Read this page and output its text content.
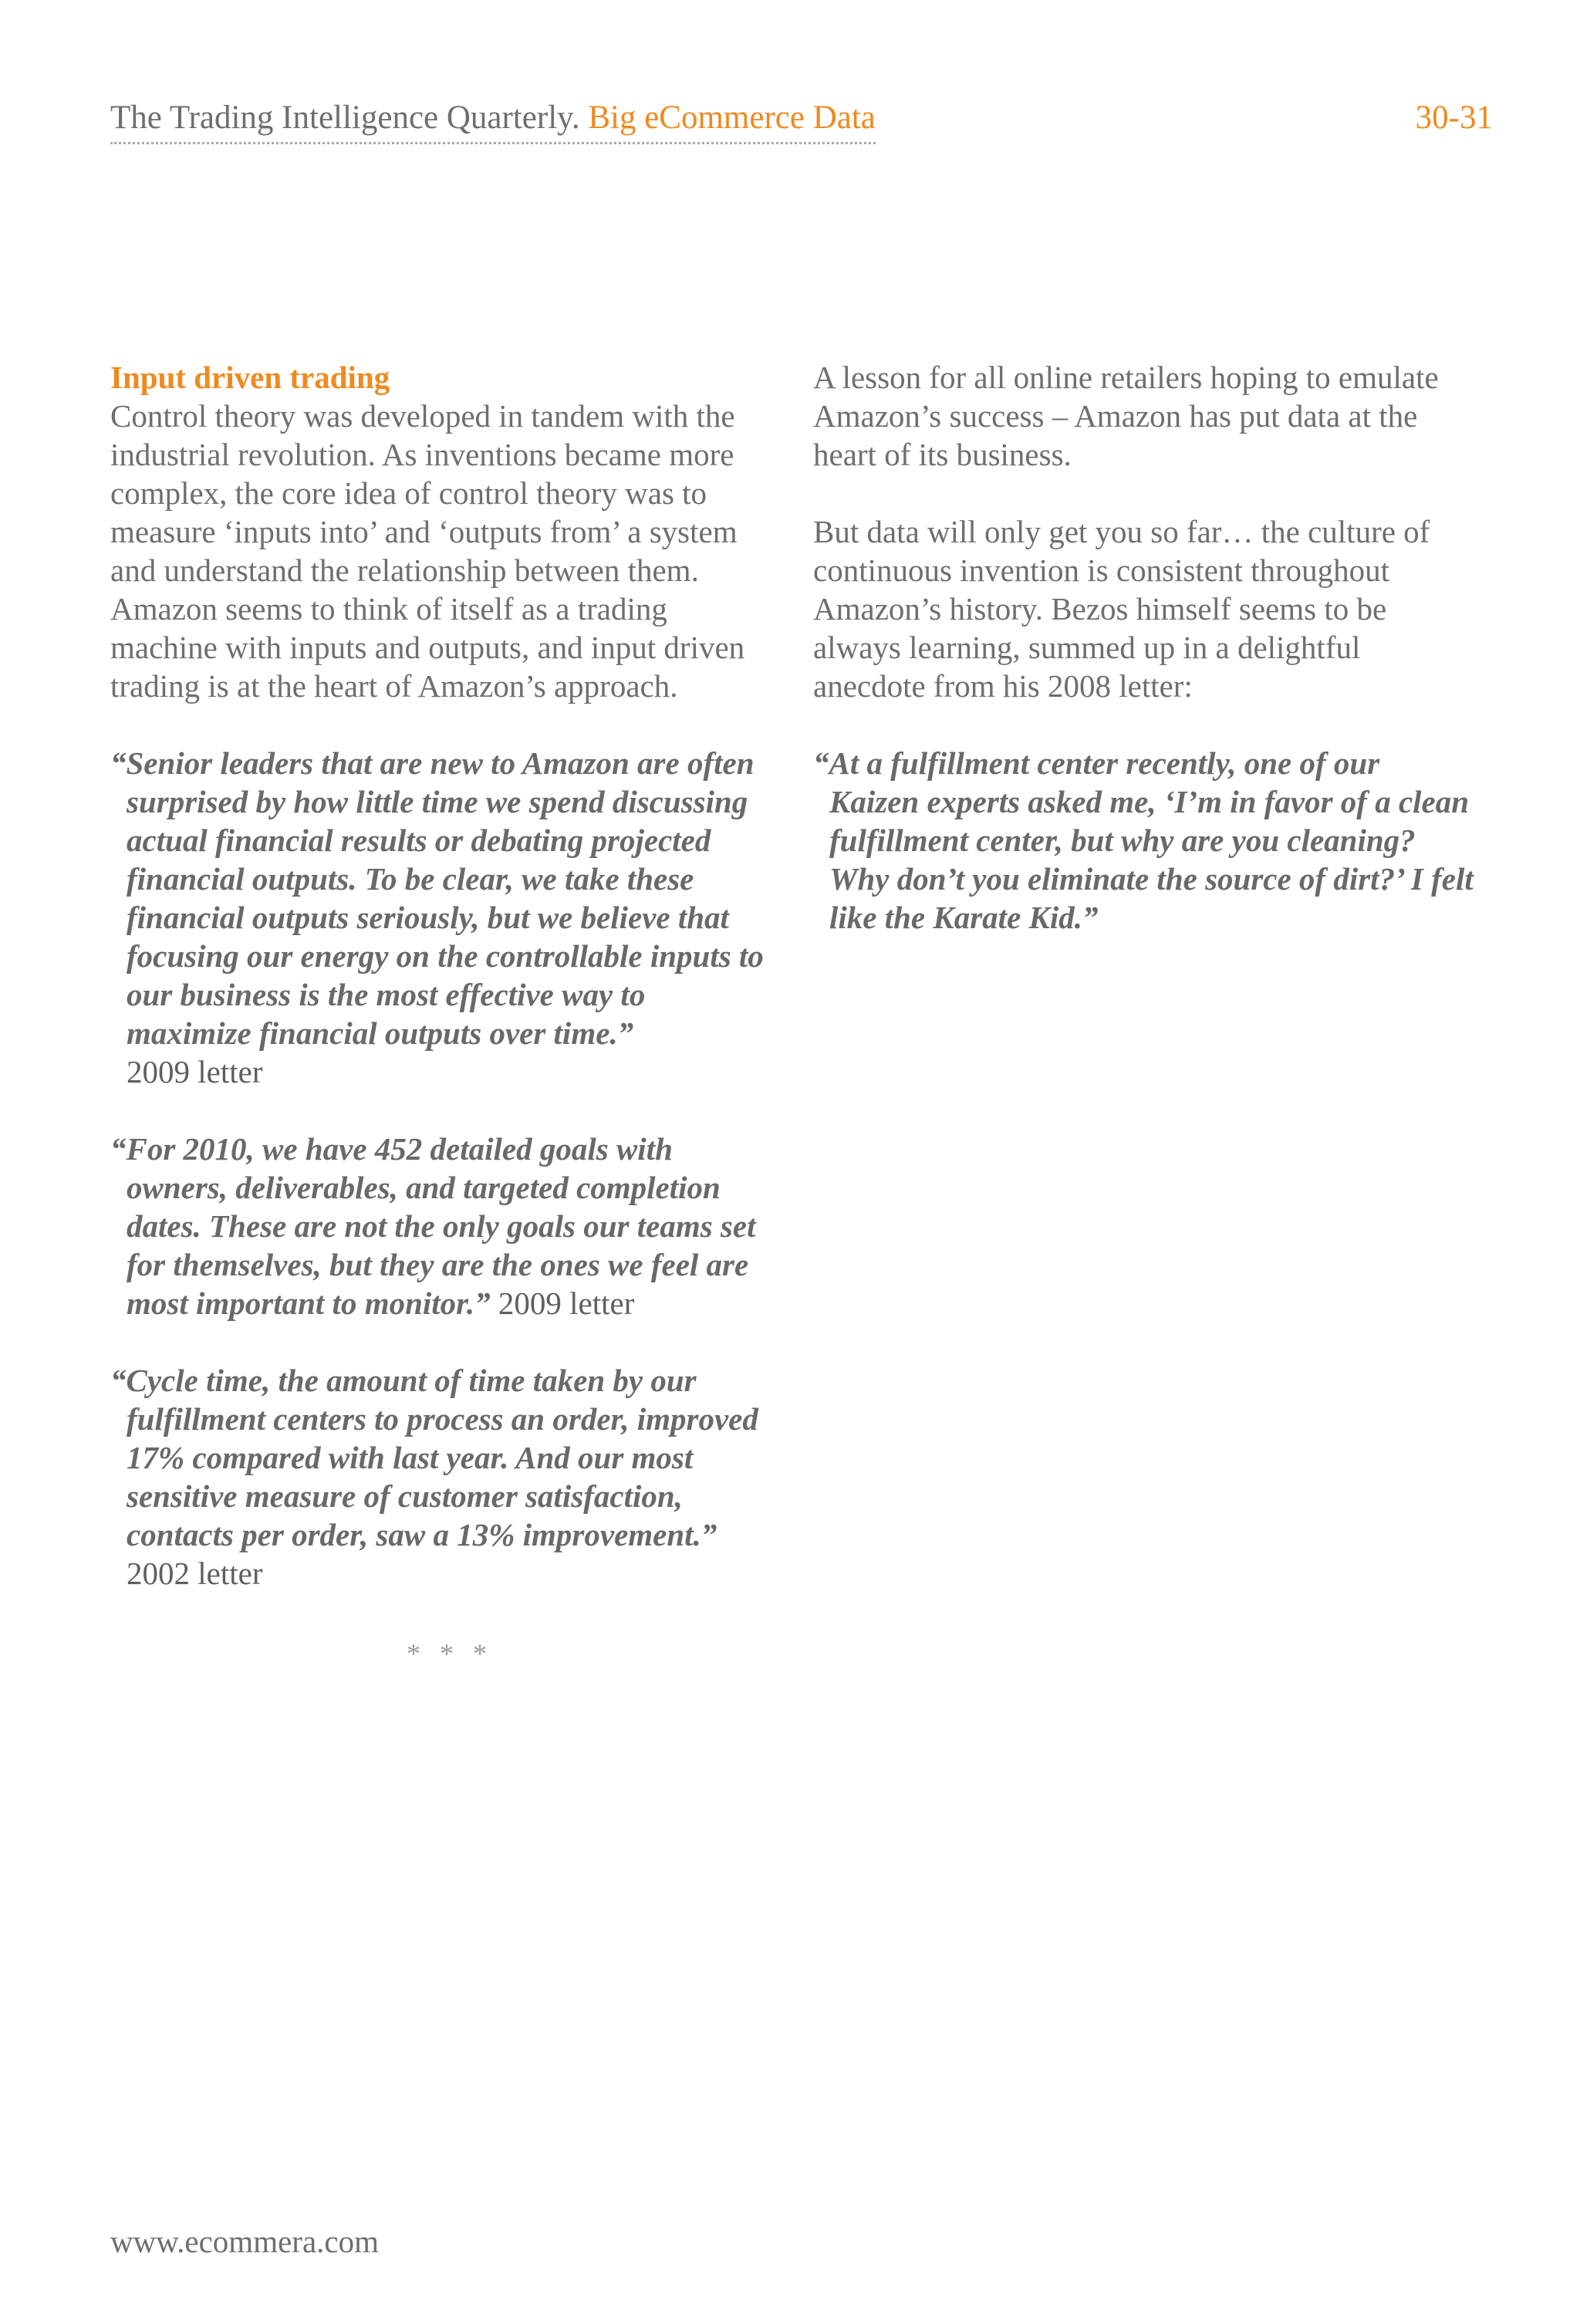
The Trading Intelligence Quarterly. Big eCommerce Data	30-31
Input driven trading

Control theory was developed in tandem with the industrial revolution. As inventions became more complex, the core idea of control theory was to measure ‘inputs into’ and ‘outputs from’ a system and understand the relationship between them. Amazon seems to think of itself as a trading machine with inputs and outputs, and input driven trading is at the heart of Amazon’s approach.

“Senior leaders that are new to Amazon are often surprised by how little time we spend discussing actual financial results or debating projected financial outputs. To be clear, we take these financial outputs seriously, but we believe that focusing our energy on the controllable inputs to our business is the most effective way to maximize financial outputs over time.”
2009 letter
“For 2010, we have 452 detailed goals with owners, deliverables, and targeted completion dates. These are not the only goals our teams set for themselves, but they are the ones we feel are most important to monitor.” 2009 letter
“Cycle time, the amount of time taken by our fulfillment centers to process an order, improved 17% compared with last year. And our most sensitive measure of customer satisfaction, contacts per order, saw a 13% improvement.”
2002 letter
* * *

A lesson for all online retailers hoping to emulate Amazon’s success – Amazon has put data at the heart of its business.

But data will only get you so far… the culture of continuous invention is consistent throughout Amazon’s history. Bezos himself seems to be always learning, summed up in a delightful anecdote from his 2008 letter:

“At a fulfillment center recently, one of our Kaizen experts asked me, ‘I’m in favor of a clean fulfillment center, but why are you cleaning? Why don’t you eliminate the source of dirt?’ I felt like the Karate Kid.”
www.ecommera.com
